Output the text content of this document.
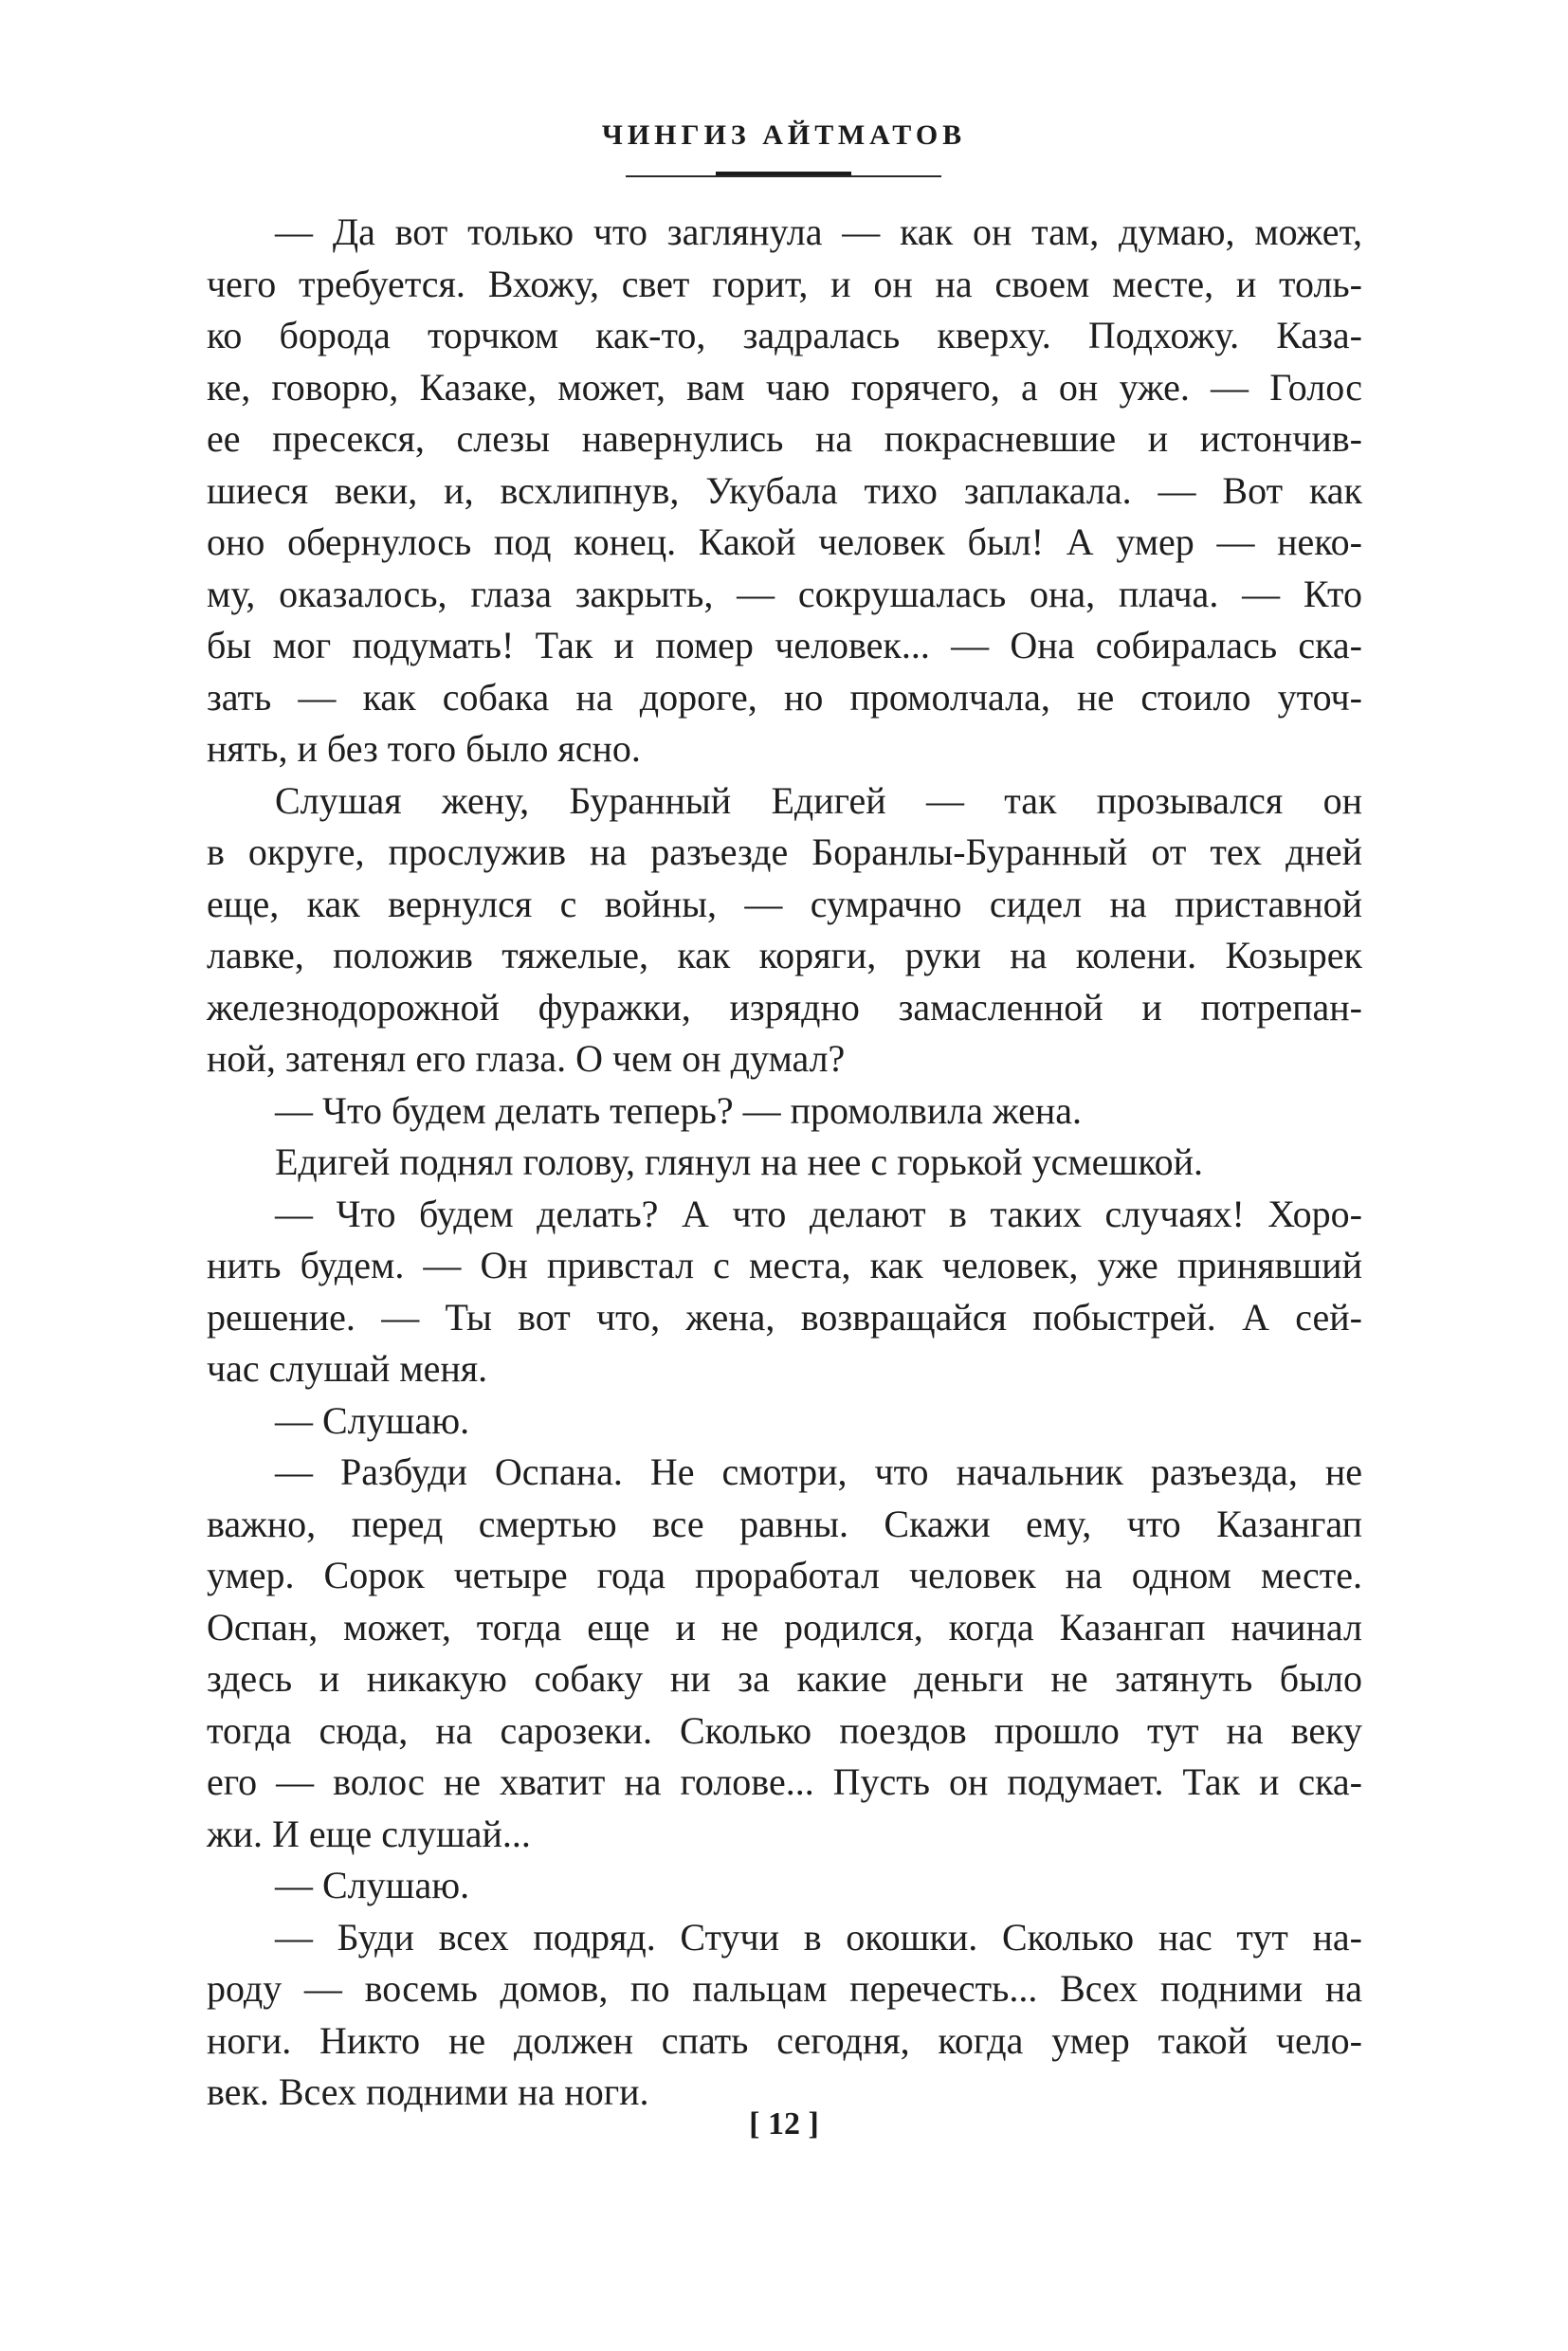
ЧИНГИЗ АЙТМАТОВ
— Да вот только что заглянула — как он там, думаю, может,
чего требуется. Вхожу, свет горит, и он на своем месте, и толь-
ко борода торчком как-то, задралась кверху. Подхожу. Каза-
ке, говорю, Казаке, может, вам чаю горячего, а он уже. — Голос
ее пресекся, слезы навернулись на покрасневшие и истончив-
шиеся веки, и, всхлипнув, Укубала тихо заплакала. — Вот как
оно обернулось под конец. Какой человек был! А умер — неко-
му, оказалось, глаза закрыть, — сокрушалась она, плача. — Кто
бы мог подумать! Так и помер человек... — Она собиралась ска-
зать — как собака на дороге, но промолчала, не стоило уточ-
нять, и без того было ясно.
Слушая жену, Буранный Едигей — так прозывался он
в округе, прослужив на разъезде Боранлы-Буранный от тех дней
еще, как вернулся с войны, — сумрачно сидел на приставной
лавке, положив тяжелые, как коряги, руки на колени. Козырек
железнодорожной фуражки, изрядно замасленной и потрепан-
ной, затенял его глаза. О чем он думал?
— Что будем делать теперь? — промолвила жена.
Едигей поднял голову, глянул на нее с горькой усмешкой.
— Что будем делать? А что делают в таких случаях! Хоро-
нить будем. — Он привстал с места, как человек, уже принявший
решение. — Ты вот что, жена, возвращайся побыстрей. А сей-
час слушай меня.
— Слушаю.
— Разбуди Оспана. Не смотри, что начальник разъезда, не
важно, перед смертью все равны. Скажи ему, что Казангап
умер. Сорок четыре года проработал человек на одном месте.
Оспан, может, тогда еще и не родился, когда Казангап начинал
здесь и никакую собаку ни за какие деньги не затянуть было
тогда сюда, на сарозеки. Сколько поездов прошло тут на веку
его — волос не хватит на голове... Пусть он подумает. Так и ска-
жи. И еще слушай...
— Слушаю.
— Буди всех подряд. Стучи в окошки. Сколько нас тут на-
роду — восемь домов, по пальцам перечесть... Всех подними на
ноги. Никто не должен спать сегодня, когда умер такой чело-
век. Всех подними на ноги.
[ 12 ]
